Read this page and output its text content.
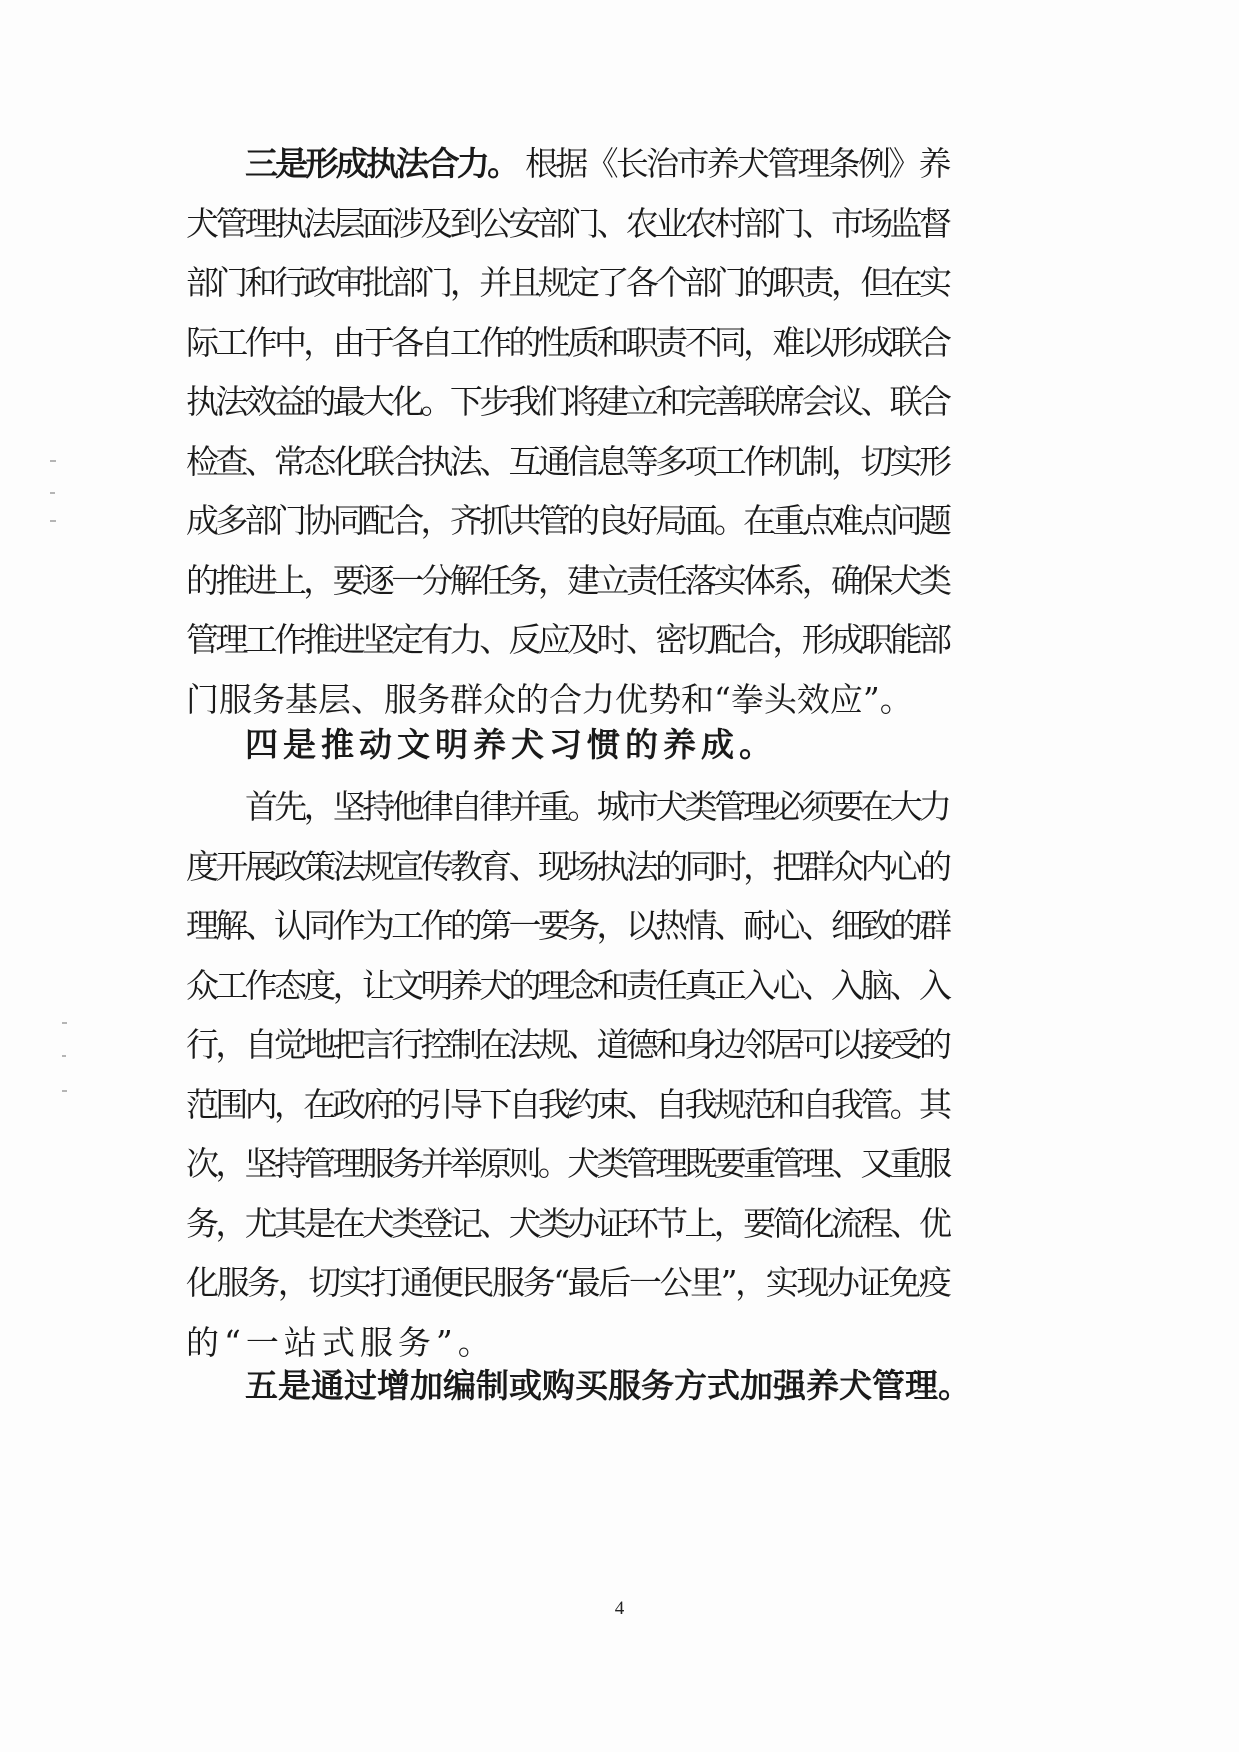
三是形成执法合力。 根据《长治市养犬管理条例》养
犬管理执法层面涉及到公安部门、农业农村部门、市场监督
部门和行政审批部门，并且规定了各个部门的职责，但在实
际工作中，由于各自工作的性质和职责不同，难以形成联合
执法效益的最大化。下步我们将建立和完善联席会议、联合
检查、常态化联合执法、互通信息等多项工作机制，切实形
成多部门协同配合，齐抓共管的良好局面。在重点难点问题
的推进上，要逐一分解任务，建立责任落实体系，确保犬类
管理工作推进坚定有力、反应及时、密切配合，形成职能部
门服务基层、服务群众的合力优势和“拳头效应”。
四是推动文明养犬习惯的养成。
首先，坚持他律自律并重。城市犬类管理必须要在大力
度开展政策法规宣传教育、现场执法的同时，把群众内心的
理解、认同作为工作的第一要务，以热情、耐心、细致的群
众工作态度，让文明养犬的理念和责任真正入心、入脑、入
行，自觉地把言行控制在法规、道德和身边邻居可以接受的
范围内，在政府的引导下自我约束、自我规范和自我管。其
次，坚持管理服务并举原则。犬类管理既要重管理、又重服
务，尤其是在犬类登记、犬类办证环节上，要简化流程、优
化服务，切实打通便民服务“最后一公里”，实现办证免疫
的“一站式服务”。
五是通过增加编制或购买服务方式加强养犬管理。
4
